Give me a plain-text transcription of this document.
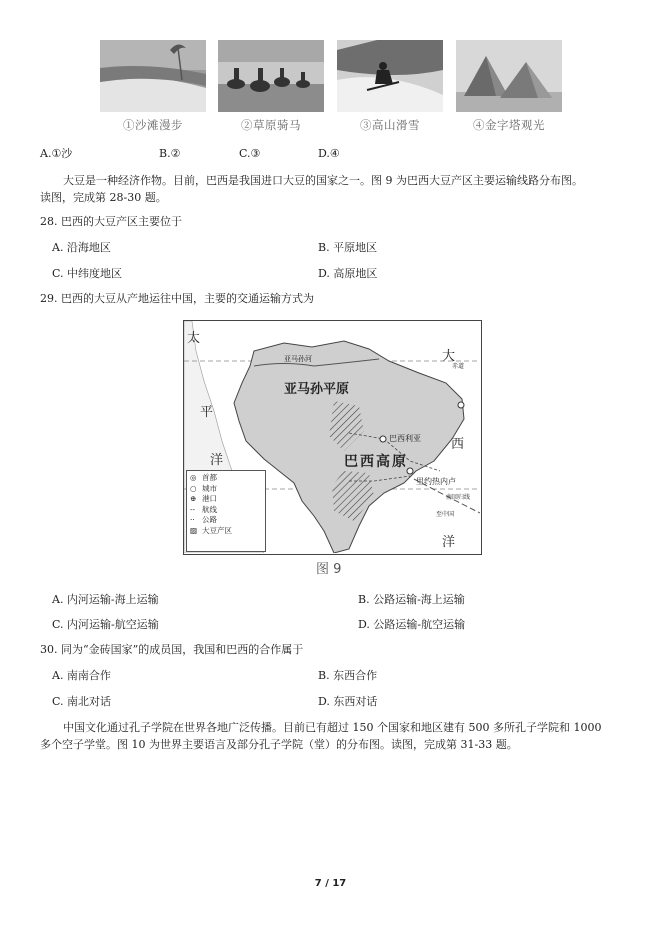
①沙滩漫步	②草原骑马	③高山滑雪	④金字塔观光
A.①沙	B.②	C.③	D.④
大豆是一种经济作物。目前，巴西是我国进口大豆的国家之一。图 9 为巴西大豆产区主要运输线路分布图。
读图，完成第 28-30 题。
28. 巴西的大豆产区主要位于
A. 沿海地区	B. 平原地区
C. 中纬度地区	D. 高原地区
29. 巴西的大豆从产地运往中国，主要的交通运输方式为
太
平
洋
大
西
洋
亚马孙河
亚马孙平原
巴西高原
巴西利亚
里约热内卢
赤道
南回归线
至中国
◎ 首都
○ 城市
⊕ 港口
-- 航线
·· 公路
▨ 大豆产区
图 9
A. 内河运输-海上运输	B. 公路运输-海上运输
C. 内河运输-航空运输	D. 公路运输-航空运输
30. 同为“金砖国家”的成员国，我国和巴西的合作属于
A. 南南合作	B. 东西合作
C. 南北对话	D. 东西对话
中国文化通过孔子学院在世界各地广泛传播。目前已有超过 150 个国家和地区建有 500 多所孔子学院和 1000
多个空子学堂。图 10 为世界主要语言及部分孔子学院（堂）的分布图。读图，完成第 31-33 题。
7 / 17
